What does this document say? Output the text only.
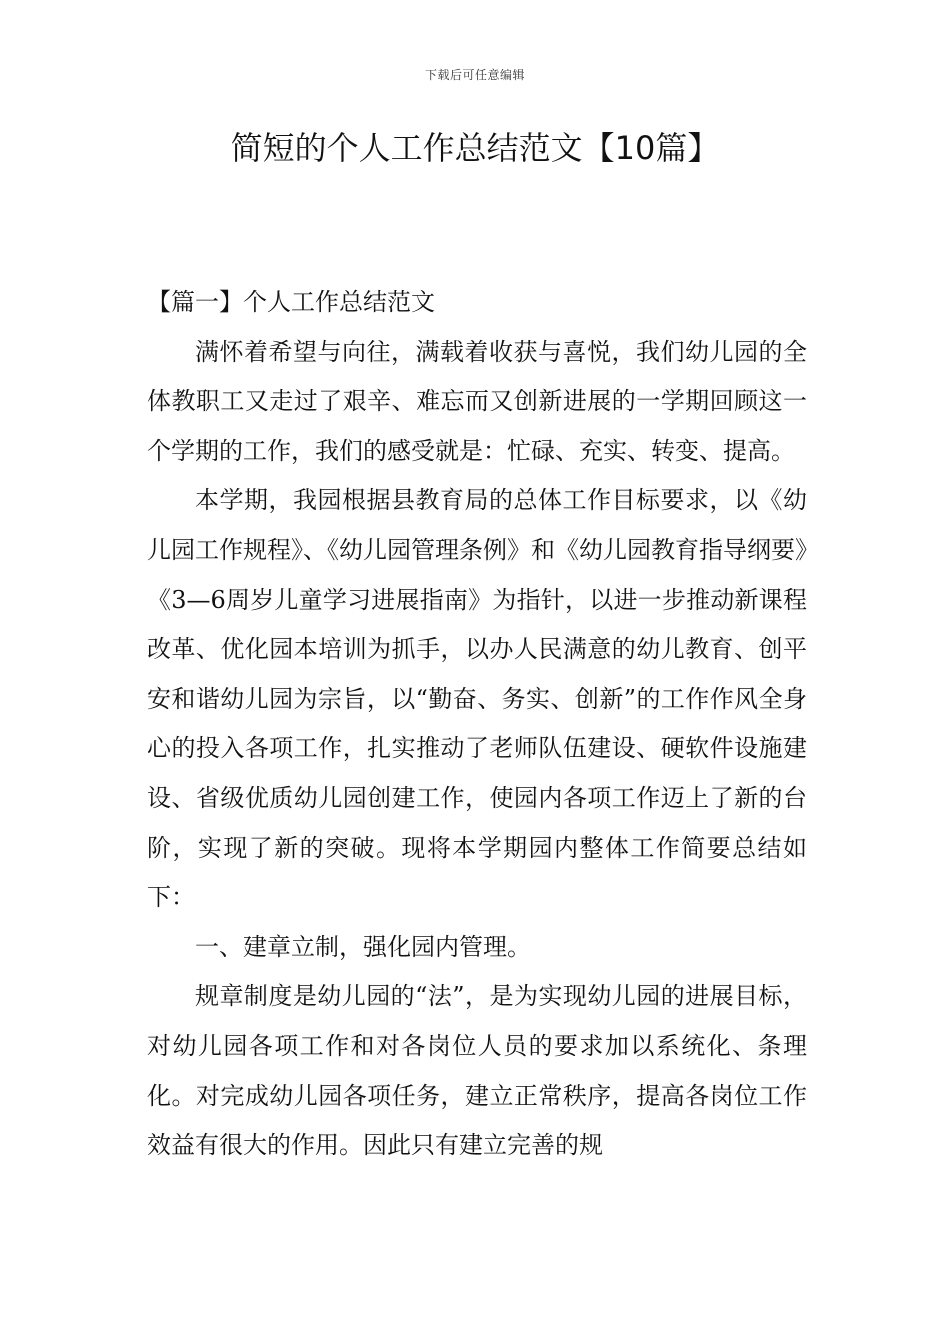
下载后可任意编辑
简短的个人工作总结范文【10篇】

【篇一】个人工作总结范文

满怀着希望与向往，满载着收获与喜悦，我们幼儿园的全体教职工又走过了艰辛、难忘而又创新进展的一学期回顾这一个学期的工作，我们的感受就是：忙碌、充实、转变、提高。

本学期，我园根据县教育局的总体工作目标要求，以《幼儿园工作规程》、《幼儿园管理条例》和《幼儿园教育指导纲要》《3—6周岁儿童学习进展指南》为指针，以进一步推动新课程改革、优化园本培训为抓手，以办人民满意的幼儿教育、创平安和谐幼儿园为宗旨，以“勤奋、务实、创新”的工作作风全身心的投入各项工作，扎实推动了老师队伍建设、硬软件设施建设、省级优质幼儿园创建工作，使园内各项工作迈上了新的台阶，实现了新的突破。现将本学期园内整体工作简要总结如下：

一、建章立制，强化园内管理。

规章制度是幼儿园的“法”，是为实现幼儿园的进展目标，对幼儿园各项工作和对各岗位人员的要求加以系统化、条理化。对完成幼儿园各项任务，建立正常秩序，提高各岗位工作效益有很大的作用。因此只有建立完善的规
